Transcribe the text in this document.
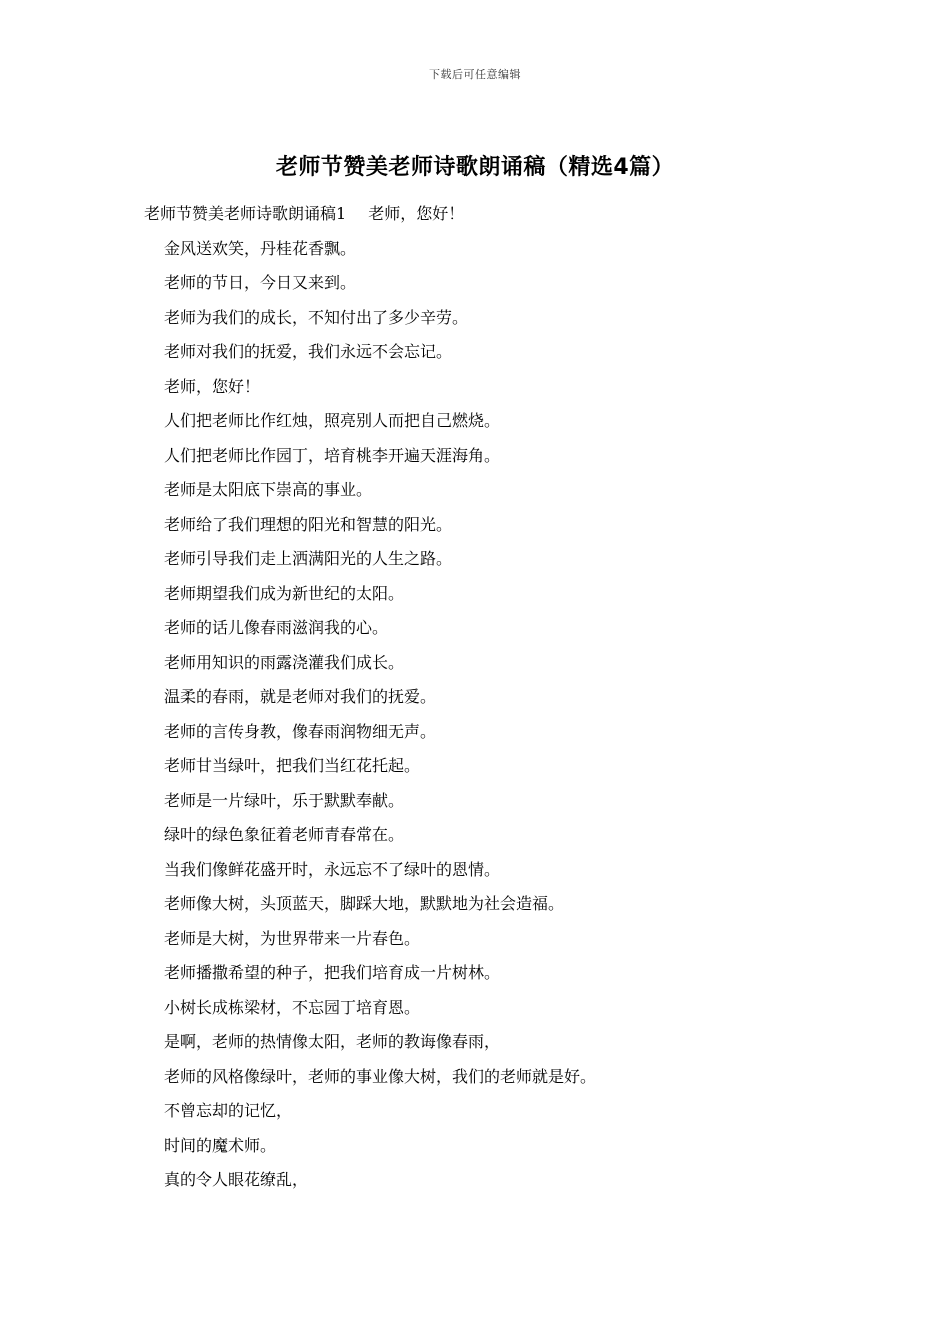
下载后可任意编辑
老师节赞美老师诗歌朗诵稿（精选4篇）
老师节赞美老师诗歌朗诵稿1 老师，您好！
金风送欢笑，丹桂花香飘。
老师的节日，今日又来到。
老师为我们的成长，不知付出了多少辛劳。
老师对我们的抚爱，我们永远不会忘记。
老师，您好！
人们把老师比作红烛，照亮别人而把自己燃烧。
人们把老师比作园丁，培育桃李开遍天涯海角。
老师是太阳底下崇高的事业。
老师给了我们理想的阳光和智慧的阳光。
老师引导我们走上洒满阳光的人生之路。
老师期望我们成为新世纪的太阳。
老师的话儿像春雨滋润我的心。
老师用知识的雨露浇灌我们成长。
温柔的春雨，就是老师对我们的抚爱。
老师的言传身教，像春雨润物细无声。
老师甘当绿叶，把我们当红花托起。
老师是一片绿叶，乐于默默奉献。
绿叶的绿色象征着老师青春常在。
当我们像鲜花盛开时，永远忘不了绿叶的恩情。
老师像大树，头顶蓝天，脚踩大地，默默地为社会造福。
老师是大树，为世界带来一片春色。
老师播撒希望的种子，把我们培育成一片树林。
小树长成栋梁材，不忘园丁培育恩。
是啊，老师的热情像太阳，老师的教诲像春雨，
老师的风格像绿叶，老师的事业像大树，我们的老师就是好。
不曾忘却的记忆，
时间的魔术师。
真的令人眼花缭乱，
